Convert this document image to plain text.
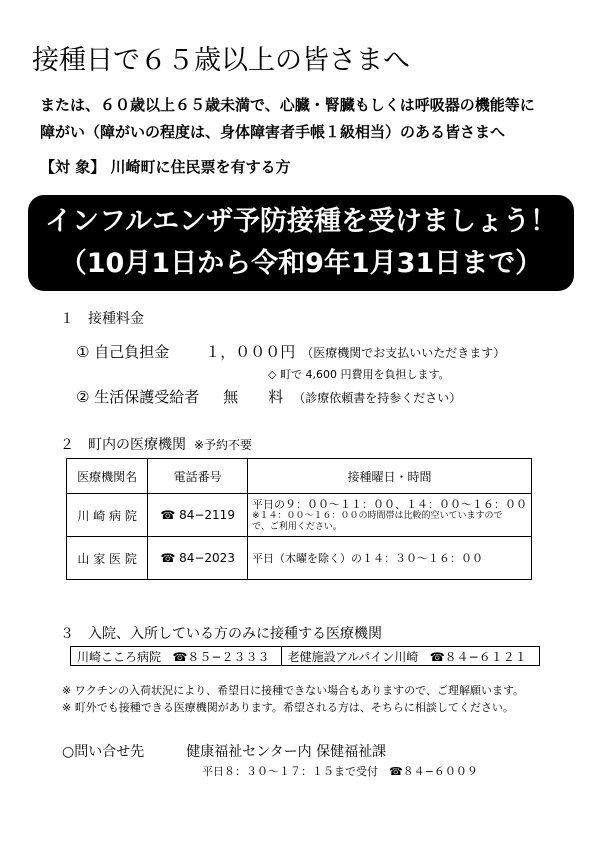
接種日で６５歳以上の皆さまへ
または、６０歳以上６５歳未満で、心臓・腎臓もしくは呼吸器の機能等に
障がい（障がいの程度は、身体障害者手帳１級相当）のある皆さまへ
【対 象】 川崎町に住民票を有する方
インフルエンザ予防接種を受けましょう！
（10月1日から令和9年1月31日まで）
１　接種料金
① 自己負担金 １，０００円 （医療機関でお支払いいただきます）
◇ 町で 4,600 円費用を負担します。
② 生活保護受給者 無　　料 （診療依頼書を持参ください）
２　町内の医療機関 ※予約不要
医療機関名	電話番号	接種曜日・時間
川 崎 病 院	☎ 84−2119	平日の９：００〜１１：００、１４：００〜１６：００
※１４：００〜１６：００の時間帯は比較的空いていますので
で、ご利用ください。

山 家 医 院	☎ 84−2023	平日（木曜を除く）の１４：３０〜１６：００
３　入院、入所している方のみに接種する医療機関
川崎こころ病院 ☎８５−２３３３	老健施設アルパイン川崎 ☎８４−６１２１
※ ワクチンの入荷状況により、希望日に接種できない場合もありますので、ご理解願います。
※ 町外でも接種できる医療機関があります。希望される方は、そちらに相談してください。
○問い合せ先	健康福祉センター内 保健福祉課
平日８：３０〜１７：１５まで受付　☎８４−６００９
